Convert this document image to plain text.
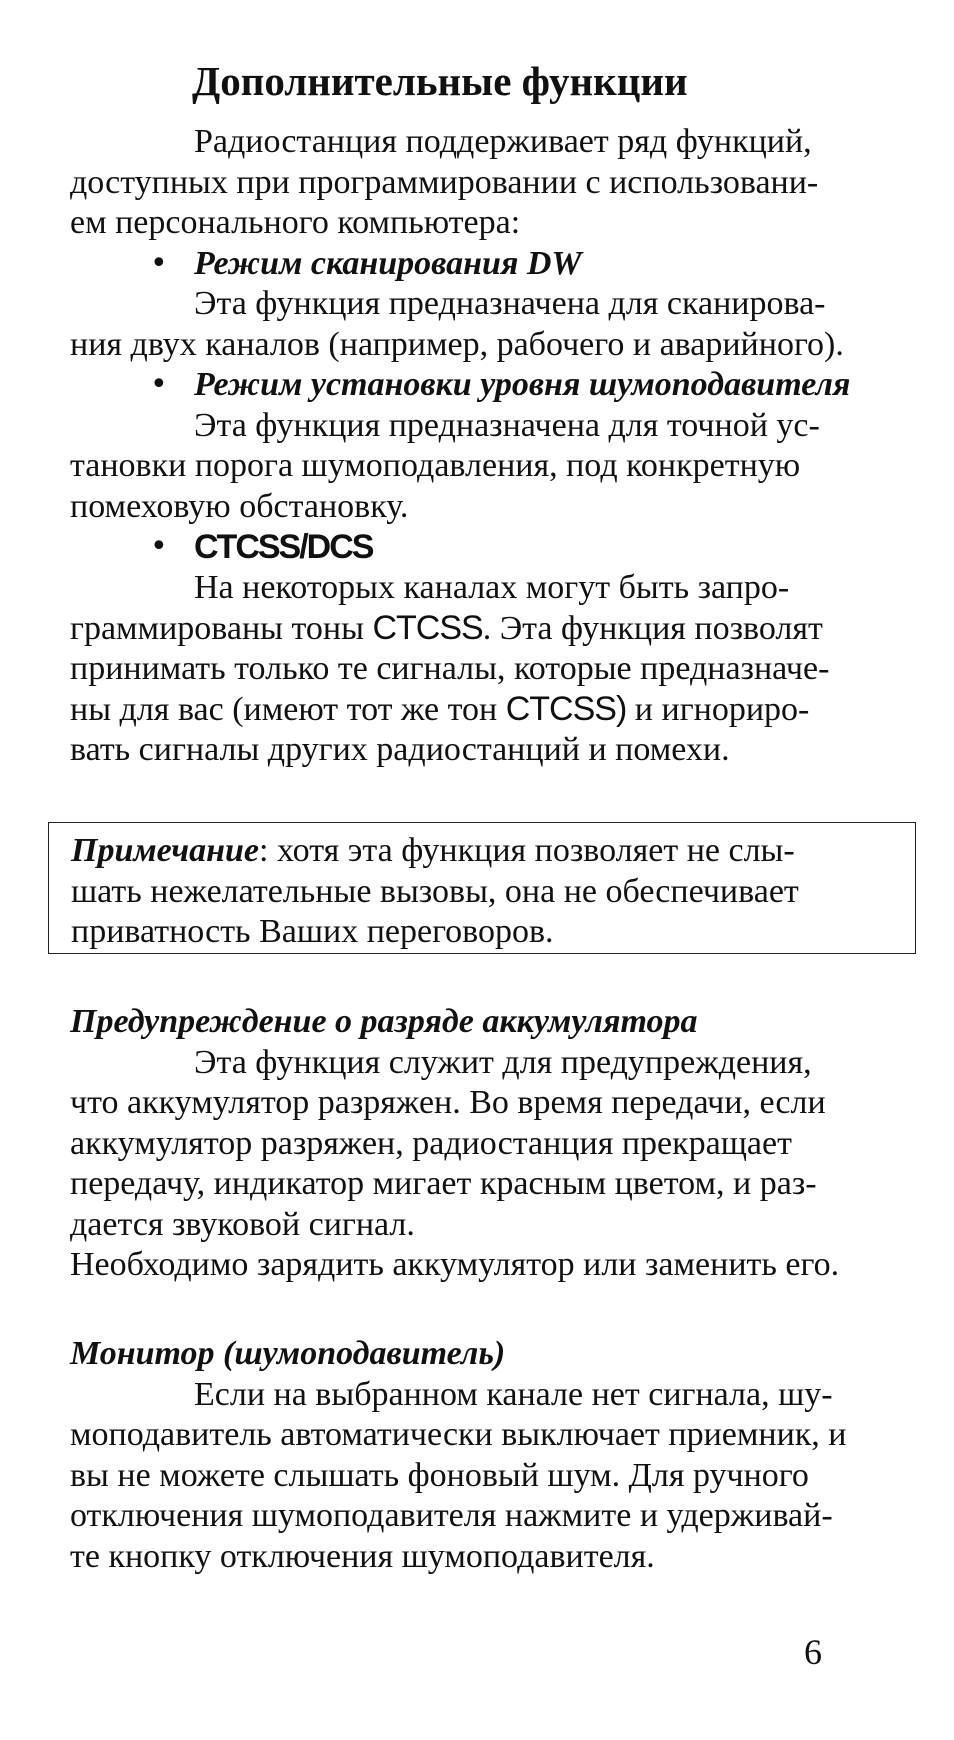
Дополнительные функции
Радиостанция поддерживает ряд функций,
доступных при программировании с использовани-
ем персонального компьютера:
• Режим сканирования DW
Эта функция предназначена для сканирова-
ния двух каналов (например, рабочего и аварийного).
• Режим установки уровня шумоподавителя
Эта функция предназначена для точной ус-
тановки порога шумоподавления, под конкретную
помеховую обстановку.
• CTCSS/DCS
На некоторых каналах могут быть запро-
граммированы тоны CTCSS. Эта функция позволят
принимать только те сигналы, которые предназначе-
ны для вас (имеют тот же тон CTCSS) и игнориро-
вать сигналы других радиостанций и помехи.
Примечание: хотя эта функция позволяет не слы-
шать нежелательные вызовы, она не обеспечивает
приватность Ваших переговоров.
Предупреждение о разряде аккумулятора
Эта функция служит для предупреждения,
что аккумулятор разряжен. Во время передачи, если
аккумулятор разряжен, радиостанция прекращает
передачу, индикатор мигает красным цветом, и раз-
дается звуковой сигнал.
Необходимо зарядить аккумулятор или заменить его.
Монитор (шумоподавитель)
Если на выбранном канале нет сигнала, шу-
моподавитель автоматически выключает приемник, и
вы не можете слышать фоновый шум. Для ручного
отключения шумоподавителя нажмите и удерживай-
те кнопку отключения шумоподавителя.
6
